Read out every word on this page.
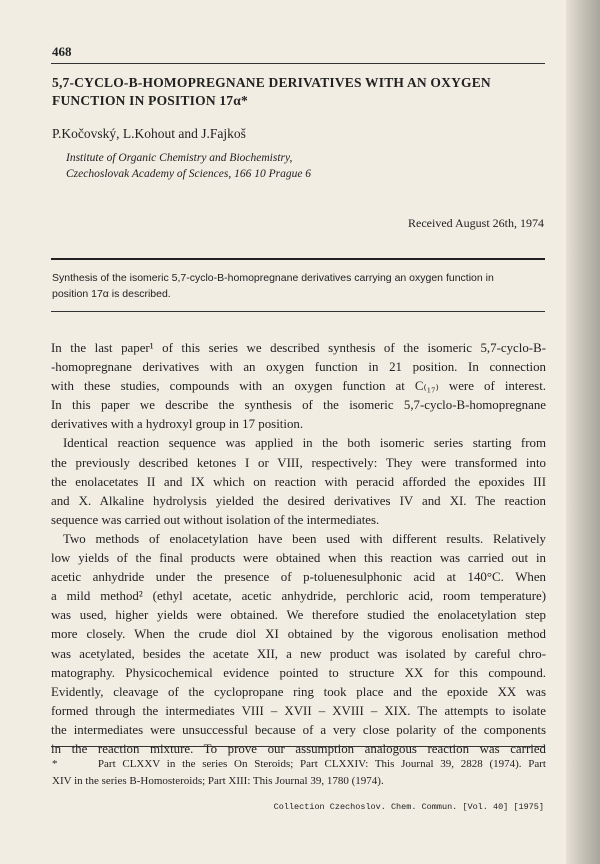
468
5,7-CYCLO-B-HOMOPREGNANE DERIVATIVES WITH AN OXYGEN
FUNCTION IN POSITION 17α*
P.Kočovský, L.Kohout and J.Fajkoš
Institute of Organic Chemistry and Biochemistry,
Czechoslovak Academy of Sciences, 166 10 Prague 6
Received August 26th, 1974
Synthesis of the isomeric 5,7-cyclo-B-homopregnane derivatives carrying an oxygen function in
position 17α is described.
In the last paper¹ of this series we described synthesis of the isomeric 5,7-cyclo-B-
-homopregnane derivatives with an oxygen function in 21 position. In connection
with these studies, compounds with an oxygen function at C₍₁₇₎ were of interest.
In this paper we describe the synthesis of the isomeric 5,7-cyclo-B-homopregnane
derivatives with a hydroxyl group in 17 position.
Identical reaction sequence was applied in the both isomeric series starting from
the previously described ketones I or VIII, respectively: They were transformed into
the enolacetates II and IX which on reaction with peracid afforded the epoxides III
and X. Alkaline hydrolysis yielded the desired derivatives IV and XI. The reaction
sequence was carried out without isolation of the intermediates.
Two methods of enolacetylation have been used with different results. Relatively
low yields of the final products were obtained when this reaction was carried out in
acetic anhydride under the presence of p-toluenesulphonic acid at 140°C. When
a mild method² (ethyl acetate, acetic anhydride, perchloric acid, room temperature)
was used, higher yields were obtained. We therefore studied the enolacetylation step
more closely. When the crude diol XI obtained by the vigorous enolisation method
was acetylated, besides the acetate XII, a new product was isolated by careful chro-
matography. Physicochemical evidence pointed to structure XX for this compound.
Evidently, cleavage of the cyclopropane ring took place and the epoxide XX was
formed through the intermediates VIII – XVII – XVIII – XIX. The attempts to isolate
the intermediates were unsuccessful because of a very close polarity of the components
in the reaction mixture. To prove our assumption analogous reaction was carried
*      Part CLXXV in the series On Steroids; Part CLXXIV: This Journal 39, 2828 (1974). Part
XIV in the series B-Homosteroids; Part XIII: This Journal 39, 1780 (1974).
Collection Czechoslov. Chem. Commun. [Vol. 40] [1975]
